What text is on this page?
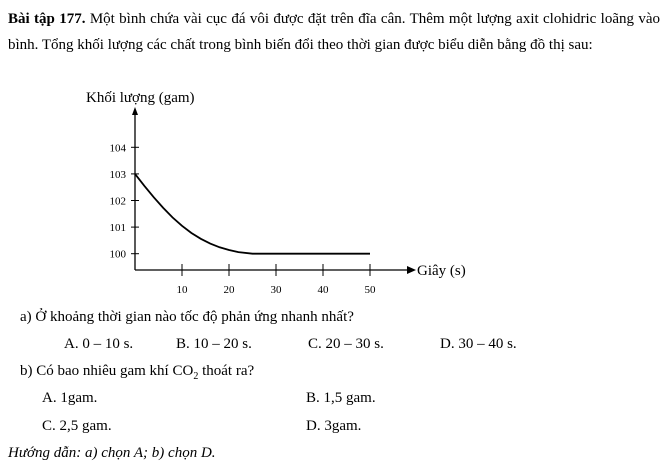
Bài tập 177. Một bình chứa vài cục đá vôi được đặt trên đĩa cân. Thêm một lượng axit clohidric loãng vào bình. Tổng khối lượng các chất trong bình biến đổi theo thời gian được biểu diễn bằng đồ thị sau:
Khối lượng (gam)
Giây (s)
100
101
102
103
104
10	20	30	40	50
a) Ở khoảng thời gian nào tốc độ phản ứng nhanh nhất?
A. 0 – 10 s.	B. 10 – 20 s.	C. 20 – 30 s.	D. 30 – 40 s.
b) Có bao nhiêu gam khí $CO_2$ thoát ra?
A. 1gam.	B. 1,5 gam.
C. 2,5 gam.	D. 3gam.
Hướng dẫn: a) chọn A; b) chọn D.
